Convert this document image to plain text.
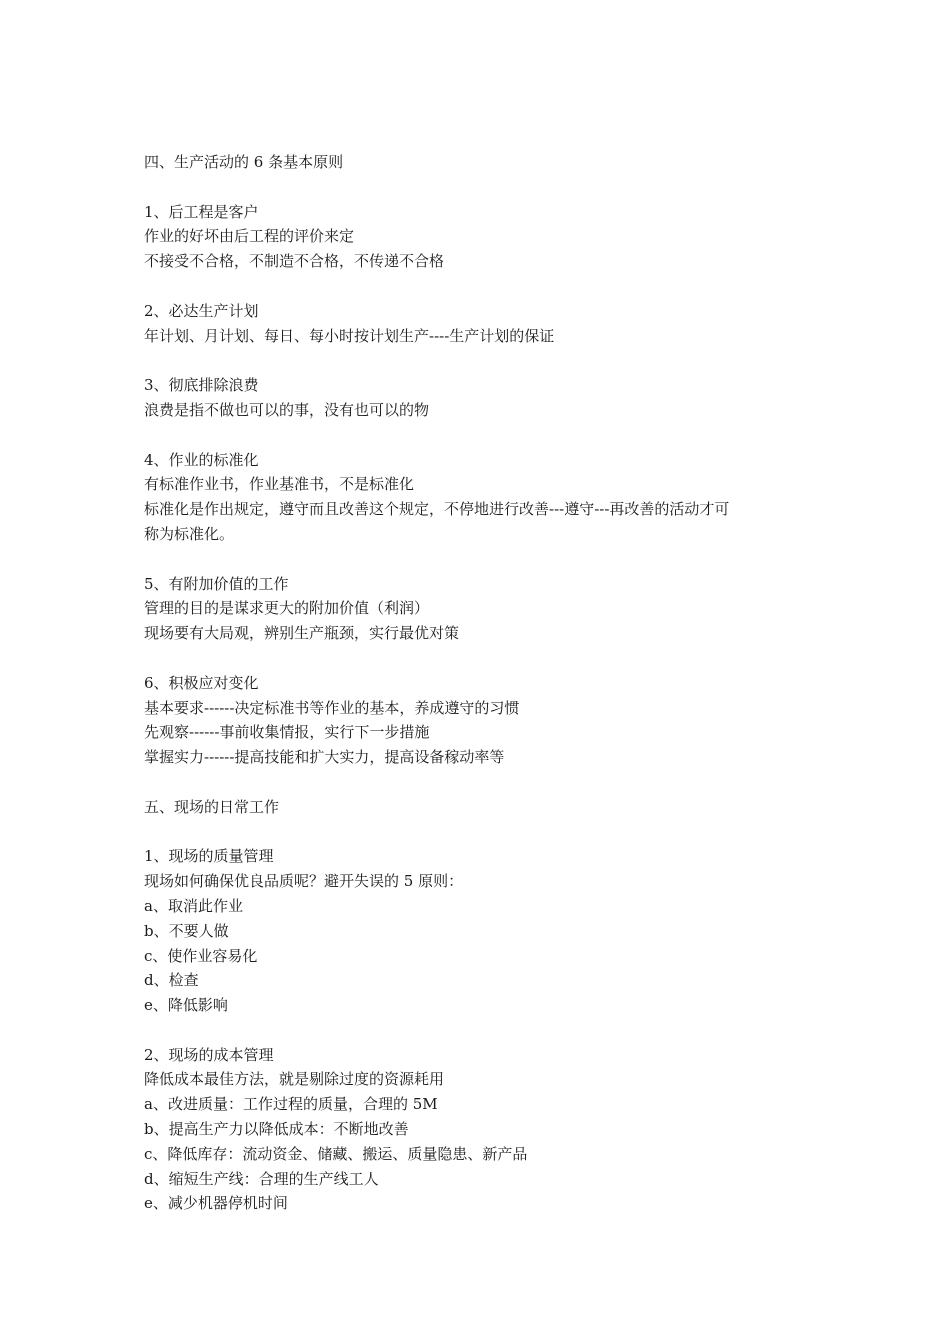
四、生产活动的 6 条基本原则

1、后工程是客户

作业的好坏由后工程的评价来定

不接受不合格，不制造不合格，不传递不合格

2、必达生产计划

年计划、月计划、每日、每小时按计划生产----生产计划的保证

3、彻底排除浪费

浪费是指不做也可以的事，没有也可以的物

4、作业的标准化

有标准作业书，作业基准书，不是标准化

标准化是作出规定，遵守而且改善这个规定，不停地进行改善---遵守---再改善的活动才可

称为标准化。

5、有附加价值的工作

管理的目的是谋求更大的附加价值（利润）

现场要有大局观，辨别生产瓶颈，实行最优对策

6、积极应对变化

基本要求------决定标准书等作业的基本，养成遵守的习惯

先观察------事前收集情报，实行下一步措施

掌握实力------提高技能和扩大实力，提高设备稼动率等

五、现场的日常工作

1、现场的质量管理

现场如何确保优良品质呢？避开失误的 5 原则：

a、取消此作业

b、不要人做

c、使作业容易化

d、检查

e、降低影响

2、现场的成本管理

降低成本最佳方法，就是剔除过度的资源耗用

a、改进质量：工作过程的质量，合理的 5M

b、提高生产力以降低成本：不断地改善

c、降低库存：流动资金、储藏、搬运、质量隐患、新产品

d、缩短生产线：合理的生产线工人

e、减少机器停机时间
